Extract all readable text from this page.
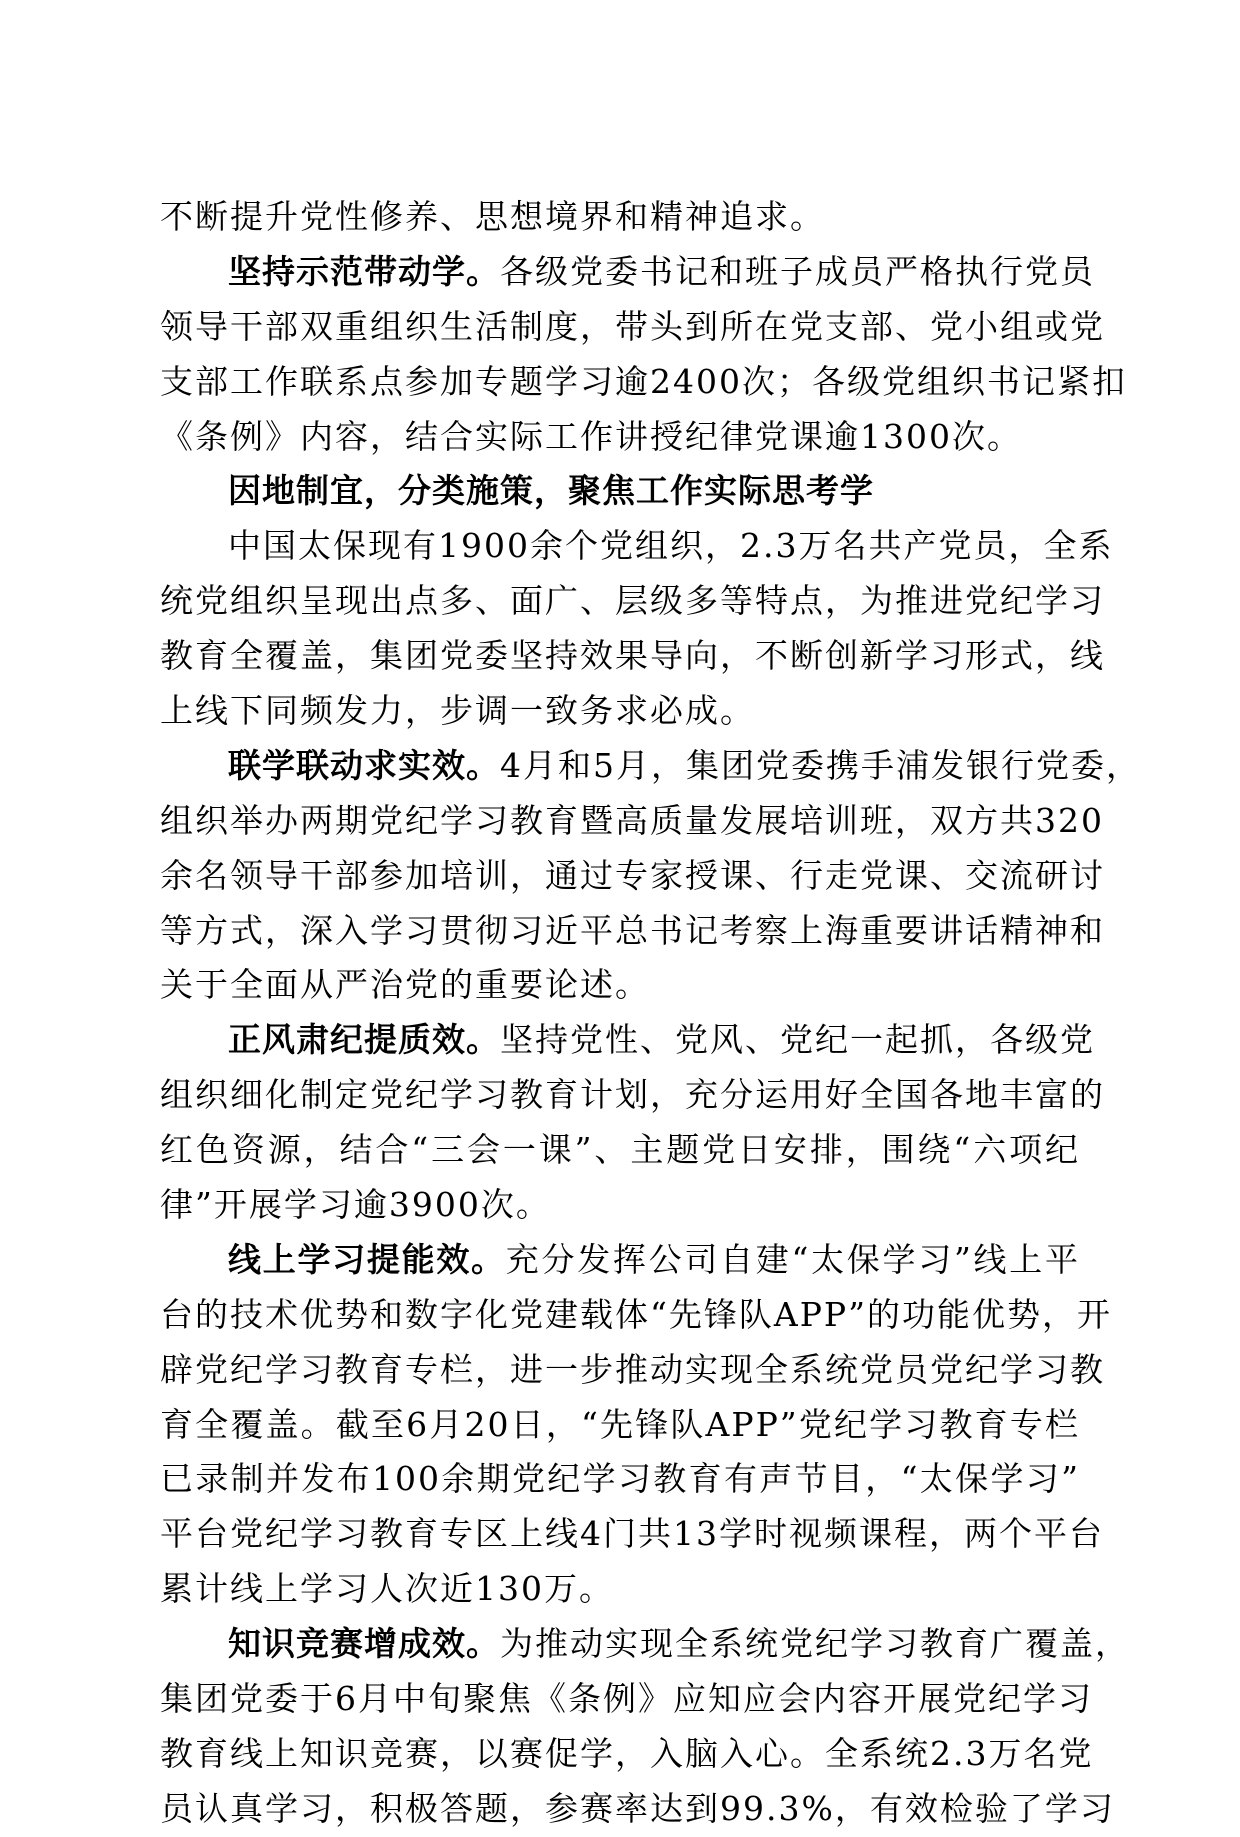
不断提升党性修养、思想境界和精神追求。
坚持示范带动学。各级党委书记和班子成员严格执行党员
领导干部双重组织生活制度，带头到所在党支部、党小组或党
支部工作联系点参加专题学习逾2400次；各级党组织书记紧扣
《条例》内容，结合实际工作讲授纪律党课逾1300次。
因地制宜，分类施策，聚焦工作实际思考学
中国太保现有1900余个党组织，2.3万名共产党员，全系
统党组织呈现出点多、面广、层级多等特点，为推进党纪学习
教育全覆盖，集团党委坚持效果导向，不断创新学习形式，线
上线下同频发力，步调一致务求必成。
联学联动求实效。4月和5月，集团党委携手浦发银行党委，
组织举办两期党纪学习教育暨高质量发展培训班，双方共320
余名领导干部参加培训，通过专家授课、行走党课、交流研讨
等方式，深入学习贯彻习近平总书记考察上海重要讲话精神和
关于全面从严治党的重要论述。
正风肃纪提质效。坚持党性、党风、党纪一起抓，各级党
组织细化制定党纪学习教育计划，充分运用好全国各地丰富的
红色资源，结合“三会一课”、主题党日安排，围绕“六项纪
律”开展学习逾3900次。
线上学习提能效。充分发挥公司自建“太保学习”线上平
台的技术优势和数字化党建载体“先锋队APP”的功能优势，开
辟党纪学习教育专栏，进一步推动实现全系统党员党纪学习教
育全覆盖。截至6月20日，“先锋队APP”党纪学习教育专栏
已录制并发布100余期党纪学习教育有声节目，“太保学习”
平台党纪学习教育专区上线4门共13学时视频课程，两个平台
累计线上学习人次近130万。
知识竞赛增成效。为推动实现全系统党纪学习教育广覆盖，
集团党委于6月中旬聚焦《条例》应知应会内容开展党纪学习
教育线上知识竞赛，以赛促学，入脑入心。全系统2.3万名党
员认真学习，积极答题，参赛率达到99.3%，有效检验了学习
